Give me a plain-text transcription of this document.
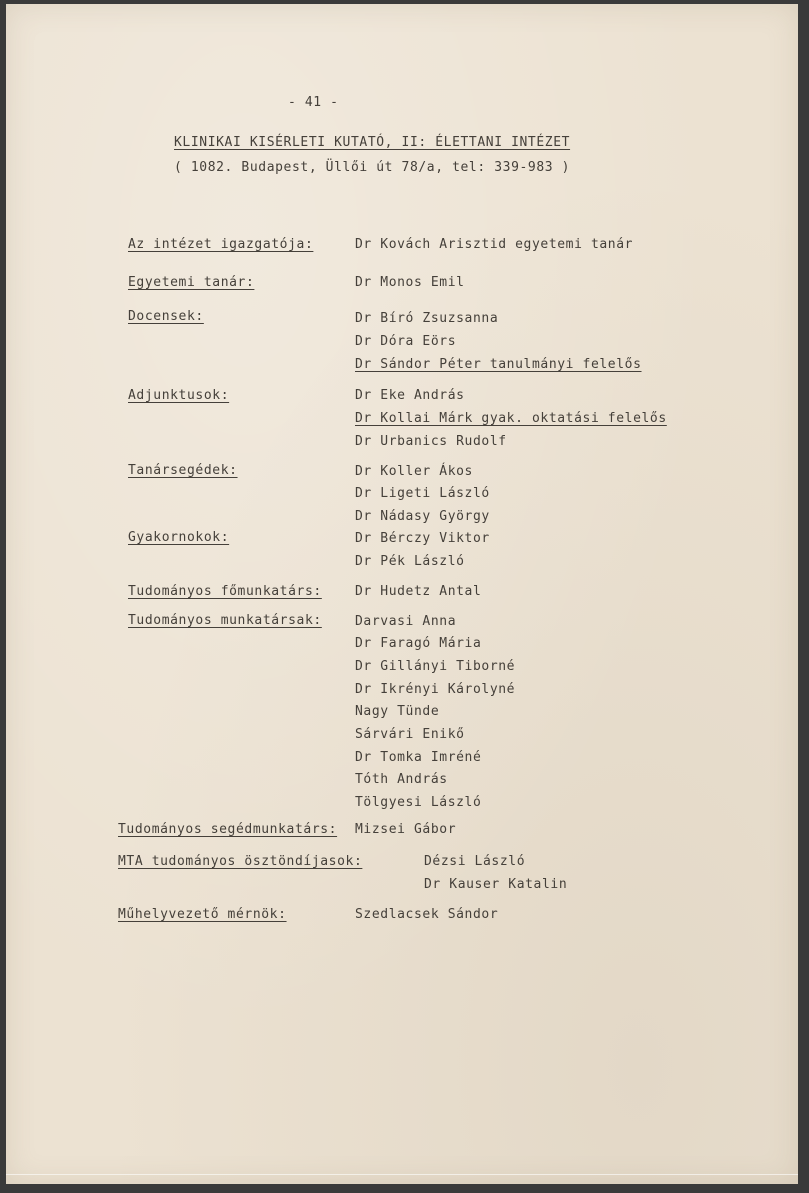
- 41 -
KLINIKAI KISÉRLETI KUTATÓ, II: ÉLETTANI INTÉZET
( 1082. Budapest, Üllői út 78/a, tel: 339-983 )
Az intézet igazgatója:	Dr Kovách Arisztid egyetemi tanár
Egyetemi tanár:	Dr Monos Emil
Docensek:	Dr Bíró Zsuzsanna
Dr Dóra Eörs
Dr Sándor Péter tanulmányi felelős
Adjunktusok:	Dr Eke András
Dr Kollai Márk gyak. oktatási felelős
Dr Urbanics Rudolf
Tanársegédek:	Dr Koller Ákos
Dr Ligeti László
Dr Nádasy György
Gyakornokok:	Dr Bérczy Viktor
Dr Pék László
Tudományos főmunkatárs:	Dr Hudetz Antal
Tudományos munkatársak:	Darvasi Anna
Dr Faragó Mária
Dr Gillányi Tiborné
Dr Ikrényi Károlyné
Nagy Tünde
Sárvári Enikő
Dr Tomka Imréné
Tóth András
Tölgyesi László
Tudományos segédmunkatárs: Mizsei Gábor
MTA tudományos ösztöndíjasok:	Dézsi László
Dr Kauser Katalin
Műhelyvezető mérnök:	Szedlacsek Sándor
